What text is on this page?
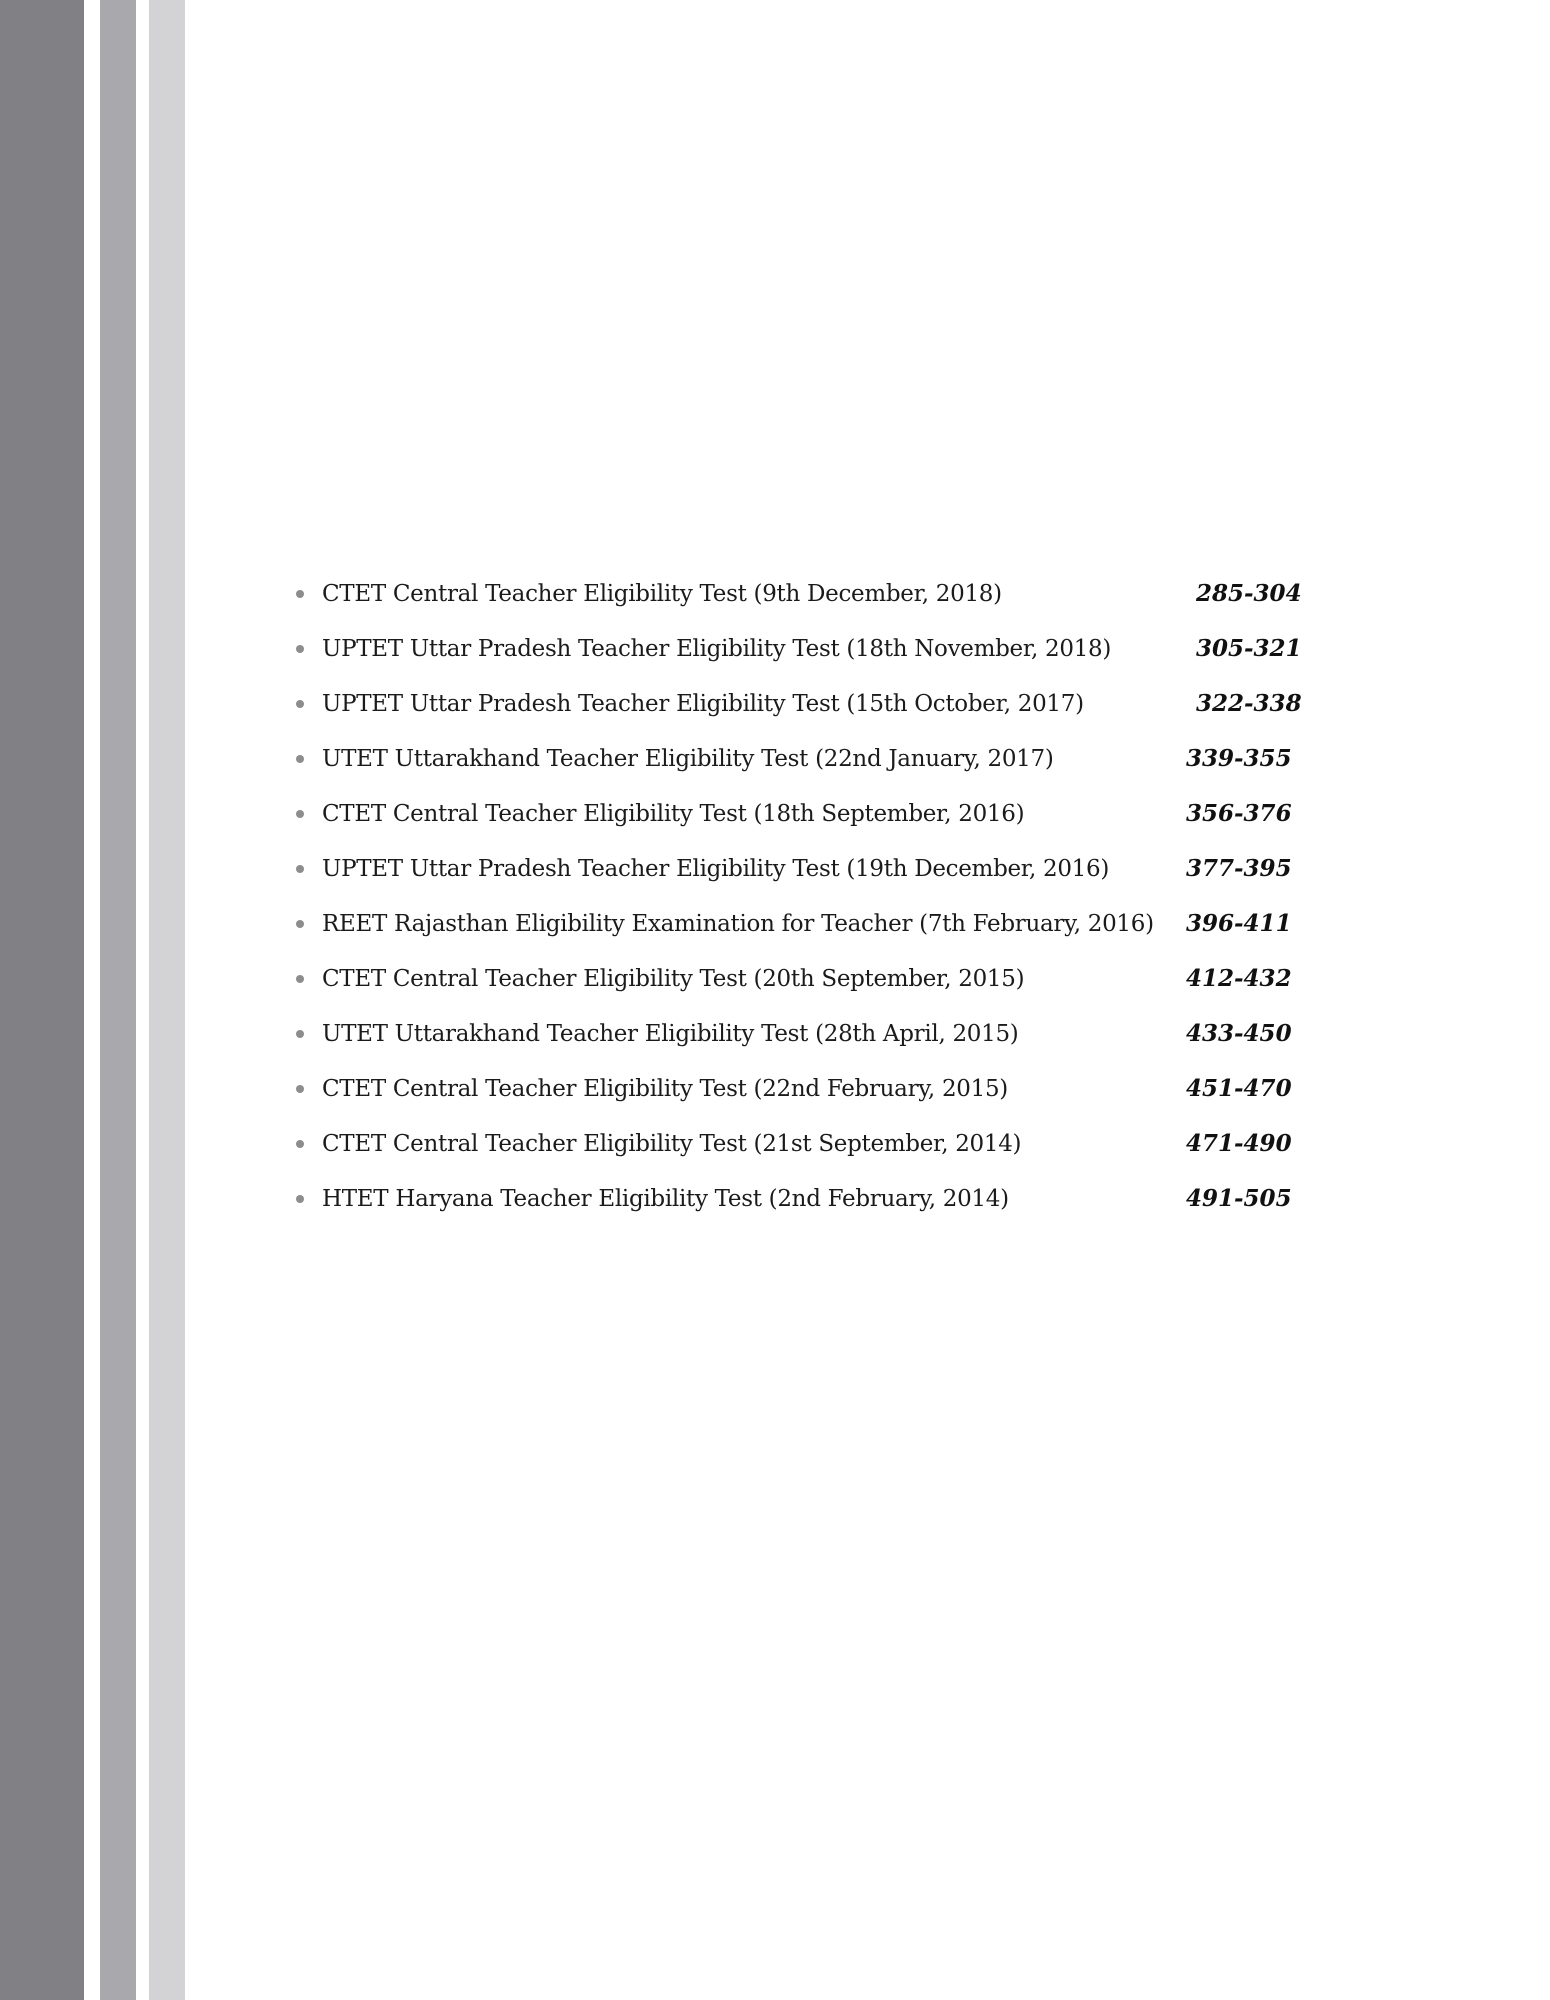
CTET Central Teacher Eligibility Test (9th December, 2018)	285-304
UPTET Uttar Pradesh Teacher Eligibility Test (18th November, 2018)	305-321
UPTET Uttar Pradesh Teacher Eligibility Test (15th October, 2017)	322-338
UTET Uttarakhand Teacher Eligibility Test (22nd January, 2017)	339-355
CTET Central Teacher Eligibility Test (18th September, 2016)	356-376
UPTET Uttar Pradesh Teacher Eligibility Test (19th December, 2016)	377-395
REET Rajasthan Eligibility Examination for Teacher (7th February, 2016) 396-411
CTET Central Teacher Eligibility Test (20th September, 2015)	412-432
UTET Uttarakhand Teacher Eligibility Test (28th April, 2015)	433-450
CTET Central Teacher Eligibility Test (22nd February, 2015)	451-470
CTET Central Teacher Eligibility Test (21st September, 2014)	471-490
HTET Haryana Teacher Eligibility Test (2nd February, 2014)	491-505
